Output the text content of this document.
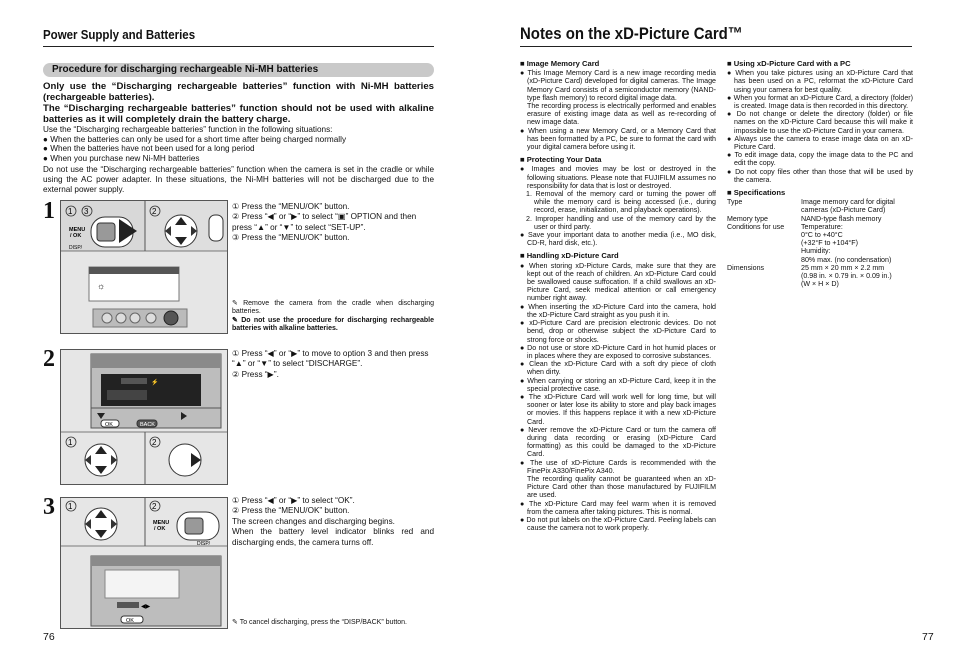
Power Supply and Batteries
Procedure for discharging rechargeable Ni-MH batteries
Only use the “Discharging rechargeable batteries” function with Ni-MH batteries (rechargeable batteries).
The “Discharging rechargeable batteries” function should not be used with alkaline batteries as it will completely drain the battery charge.
Use the “Discharging rechargeable batteries” function in the following situations:
● When the batteries can only be used for a short time after being charged normally
● When the batteries have not been used for a long period
● When you purchase new Ni-MH batteries
Do not use the “Discharging rechargeable batteries” function when the camera is set in the cradle or while using the AC power adapter. In these situations, the Ni-MH batteries will not be discharged due to the external power supply.
1 1 3
MENU
/ OK
DISP/
2
☼
① Press the “MENU/OK” button.
② Press “◀” or “▶” to select “▣” OPTION and then press “▲” or “▼” to select “SET-UP”.
③ Press the “MENU/OK” button.
✎ Remove the camera from the cradle when discharging batteries.
✎ Do not use the procedure for discharging rechargeable batteries with alkaline batteries.
2
⚡
OK	BACK
1	2
① Press “◀” or “▶” to move to option 3 and then press “▲” or “▼” to select “DISCHARGE”.
② Press “▶”.
3 1	2
MENU
/ OK
DISP/
◀▶
OK
① Press “◀” or “▶” to select “OK”.
② Press the “MENU/OK” button.
The screen changes and discharging begins.
When the battery level indicator blinks red and discharging ends, the camera turns off.
✎ To cancel discharging, press the “DISP/BACK” button.
76
Notes on the xD-Picture Card™
■ Image Memory Card
● This Image Memory Card is a new image recording media (xD-Picture Card) developed for digital cameras. The Image Memory Card consists of a semiconductor memory (NAND-type flash memory) to record digital image data.
The recording process is electrically performed and enables erasure of existing image data as well as re-recording of new image data.
● When using a new Memory Card, or a Memory Card that has been formatted by a PC, be sure to format the card with your digital camera before using it.
■ Protecting Your Data
● Images and movies may be lost or destroyed in the following situations. Please note that FUJIFILM assumes no responsibility for data that is lost or destroyed.
1. Removal of the memory card or turning the power off while the memory card is being accessed (i.e., during record, erase, initialization, and playback operations).
2. Improper handling and use of the memory card by the user or third party.
● Save your important data to another media (i.e., MO disk, CD-R, hard disk, etc.).
■ Handling xD-Picture Card
● When storing xD-Picture Cards, make sure that they are kept out of the reach of children. An xD-Picture Card could be swallowed cause suffocation. If a child swallows an xD-Picture Card, seek medical attention or call emergency number right away.
● When inserting the xD-Picture Card into the camera, hold the xD-Picture Card straight as you push it in.
● xD-Picture Card are precision electronic devices. Do not bend, drop or otherwise subject the xD-Picture Card to strong force or shocks.
● Do not use or store xD-Picture Card in hot humid places or in places where they are exposed to corrosive substances.
● Clean the xD-Picture Card with a soft dry piece of cloth when dirty.
● When carrying or storing an xD-Picture Card, keep it in the special protective case.
● The xD-Picture Card will work well for long time, but will sooner or later lose its ability to store and play back images or movies. If this happens replace it with a new xD-Picture Card.
● Never remove the xD-Picture Card or turn the camera off during data recording or erasing (xD-Picture Card formatting) as this could be damaged to the xD-Picture Card.
● The use of xD-Picture Cards is recommended with the FinePix A330/FinePix A340.
The recording quality cannot be guaranteed when an xD-Picture Card other than those manufactured by FUJIFILM are used.
● The xD-Picture Card may feel warm when it is removed from the camera after taking pictures. This is normal.
● Do not put labels on the xD-Picture Card. Peeling labels can cause the camera not to work properly.
■ Using xD-Picture Card with a PC
● When you take pictures using an xD-Picture Card that has been used on a PC, reformat the xD-Picture Card using your camera for best quality.
● When you format an xD-Picture Card, a directory (folder) is created. Image data is then recorded in this directory.
● Do not change or delete the directory (folder) or file names on the xD-Picture Card because this will make it impossible to use the xD-Picture Card in your camera.
● Always use the camera to erase image data on an xD-Picture Card.
● To edit image data, copy the image data to the PC and edit the copy.
● Do not copy files other than those that will be used by the camera.
■ Specifications
Type	Image memory card for digital cameras (xD-Picture Card)
Memory type	NAND-type flash memory
Conditions for use	Temperature:
0°C to +40°C
(+32°F to +104°F)
Humidity:
80% max. (no condensation)
Dimensions	25 mm × 20 mm × 2.2 mm
(0.98 in. × 0.79 in. × 0.09 in.)
(W × H × D)
77
